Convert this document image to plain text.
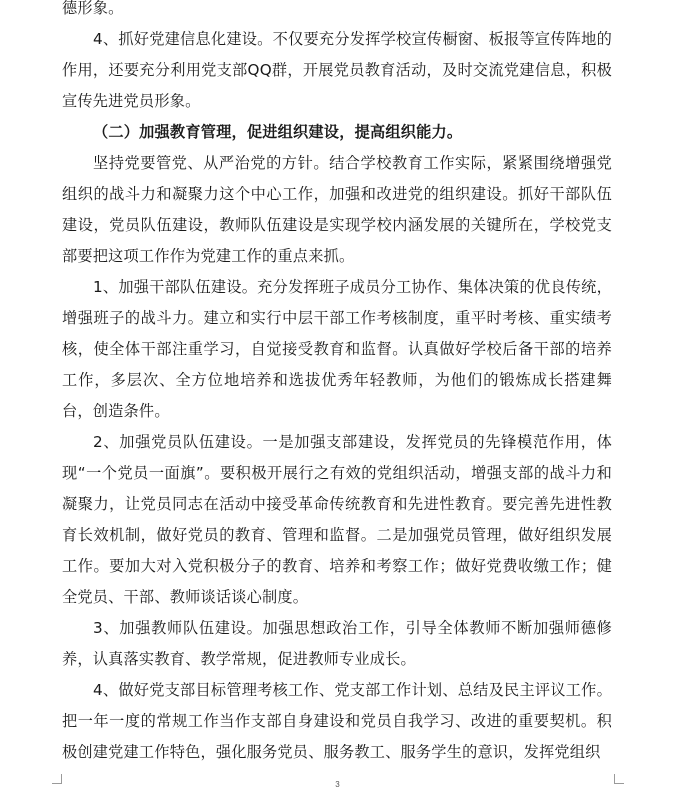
德形象。

4、抓好党建信息化建设。不仅要充分发挥学校宣传橱窗、板报等宣传阵地的作用，还要充分利用党支部QQ群，开展党员教育活动，及时交流党建信息，积极宣传先进党员形象。

（二）加强教育管理，促进组织建设，提高组织能力。

坚持党要管党、从严治党的方针。结合学校教育工作实际，紧紧围绕增强党组织的战斗力和凝聚力这个中心工作，加强和改进党的组织建设。抓好干部队伍建设，党员队伍建设，教师队伍建设是实现学校内涵发展的关键所在，学校党支部要把这项工作作为党建工作的重点来抓。

1、加强干部队伍建设。充分发挥班子成员分工协作、集体决策的优良传统，增强班子的战斗力。建立和实行中层干部工作考核制度，重平时考核、重实绩考核，使全体干部注重学习，自觉接受教育和监督。认真做好学校后备干部的培养工作，多层次、全方位地培养和选拔优秀年轻教师，为他们的锻炼成长搭建舞台，创造条件。

2、加强党员队伍建设。一是加强支部建设，发挥党员的先锋模范作用，体现“一个党员一面旗”。要积极开展行之有效的党组织活动，增强支部的战斗力和凝聚力，让党员同志在活动中接受革命传统教育和先进性教育。要完善先进性教育长效机制，做好党员的教育、管理和监督。二是加强党员管理，做好组织发展工作。要加大对入党积极分子的教育、培养和考察工作；做好党费收缴工作；健全党员、干部、教师谈话谈心制度。

3、加强教师队伍建设。加强思想政治工作，引导全体教师不断加强师德修养，认真落实教育、教学常规，促进教师专业成长。

4、做好党支部目标管理考核工作、党支部工作计划、总结及民主评议工作。把一年一度的常规工作当作支部自身建设和党员自我学习、改进的重要契机。积极创建党建工作特色，强化服务党员、服务教工、服务学生的意识，发挥党组织

3
